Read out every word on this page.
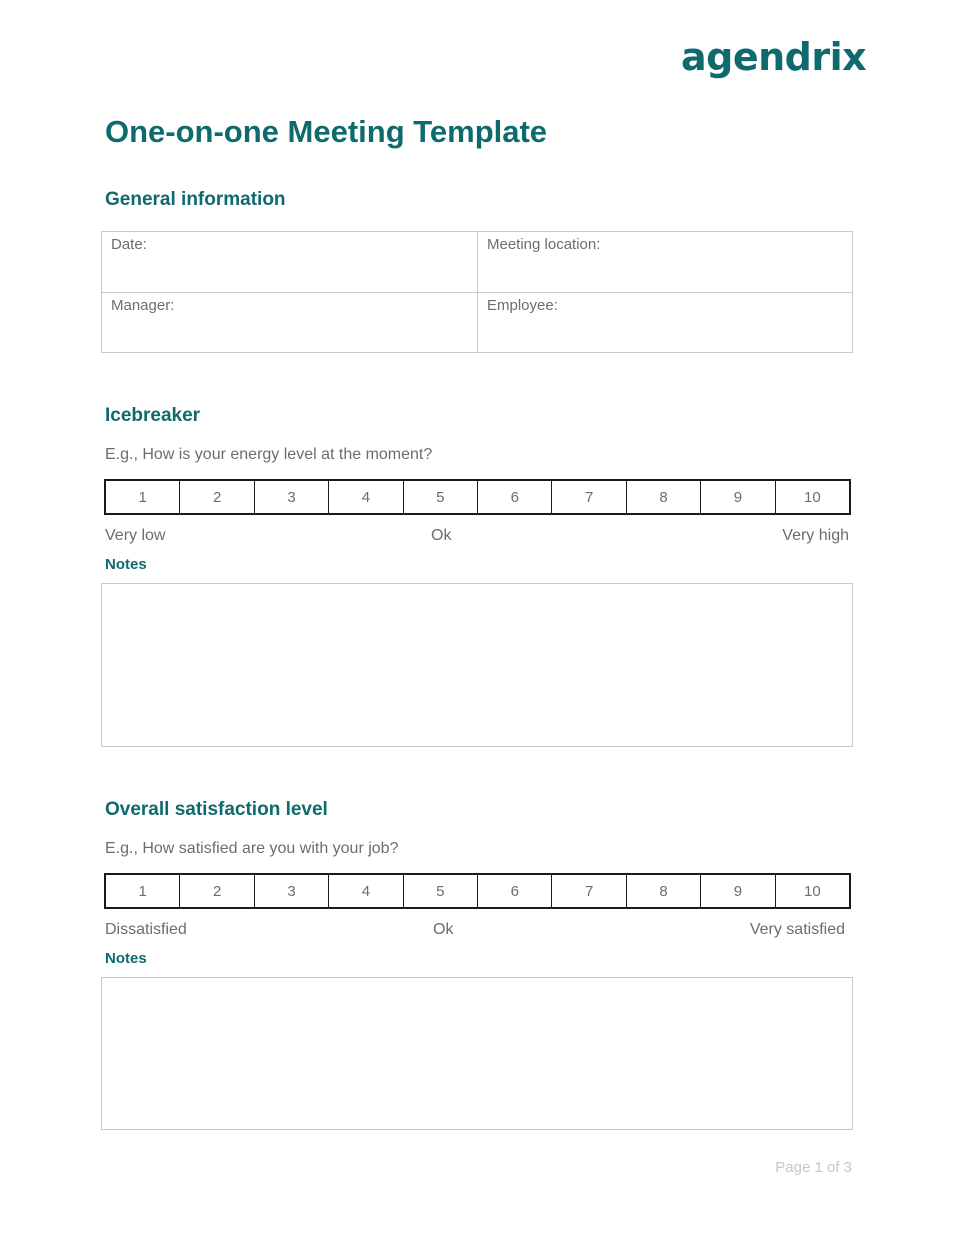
agendrix
One-on-one Meeting Template
General information
Date:	Meeting location:
Manager:	Employee:
Icebreaker
E.g., How is your energy level at the moment?
1	2	3	4	5	6	7	8	9	10
Very low	Ok	Very high
Notes
Overall satisfaction level
E.g., How satisfied are you with your job?
1	2	3	4	5	6	7	8	9	10
Dissatisfied	Ok	Very satisfied
Notes
Page 1 of 3
